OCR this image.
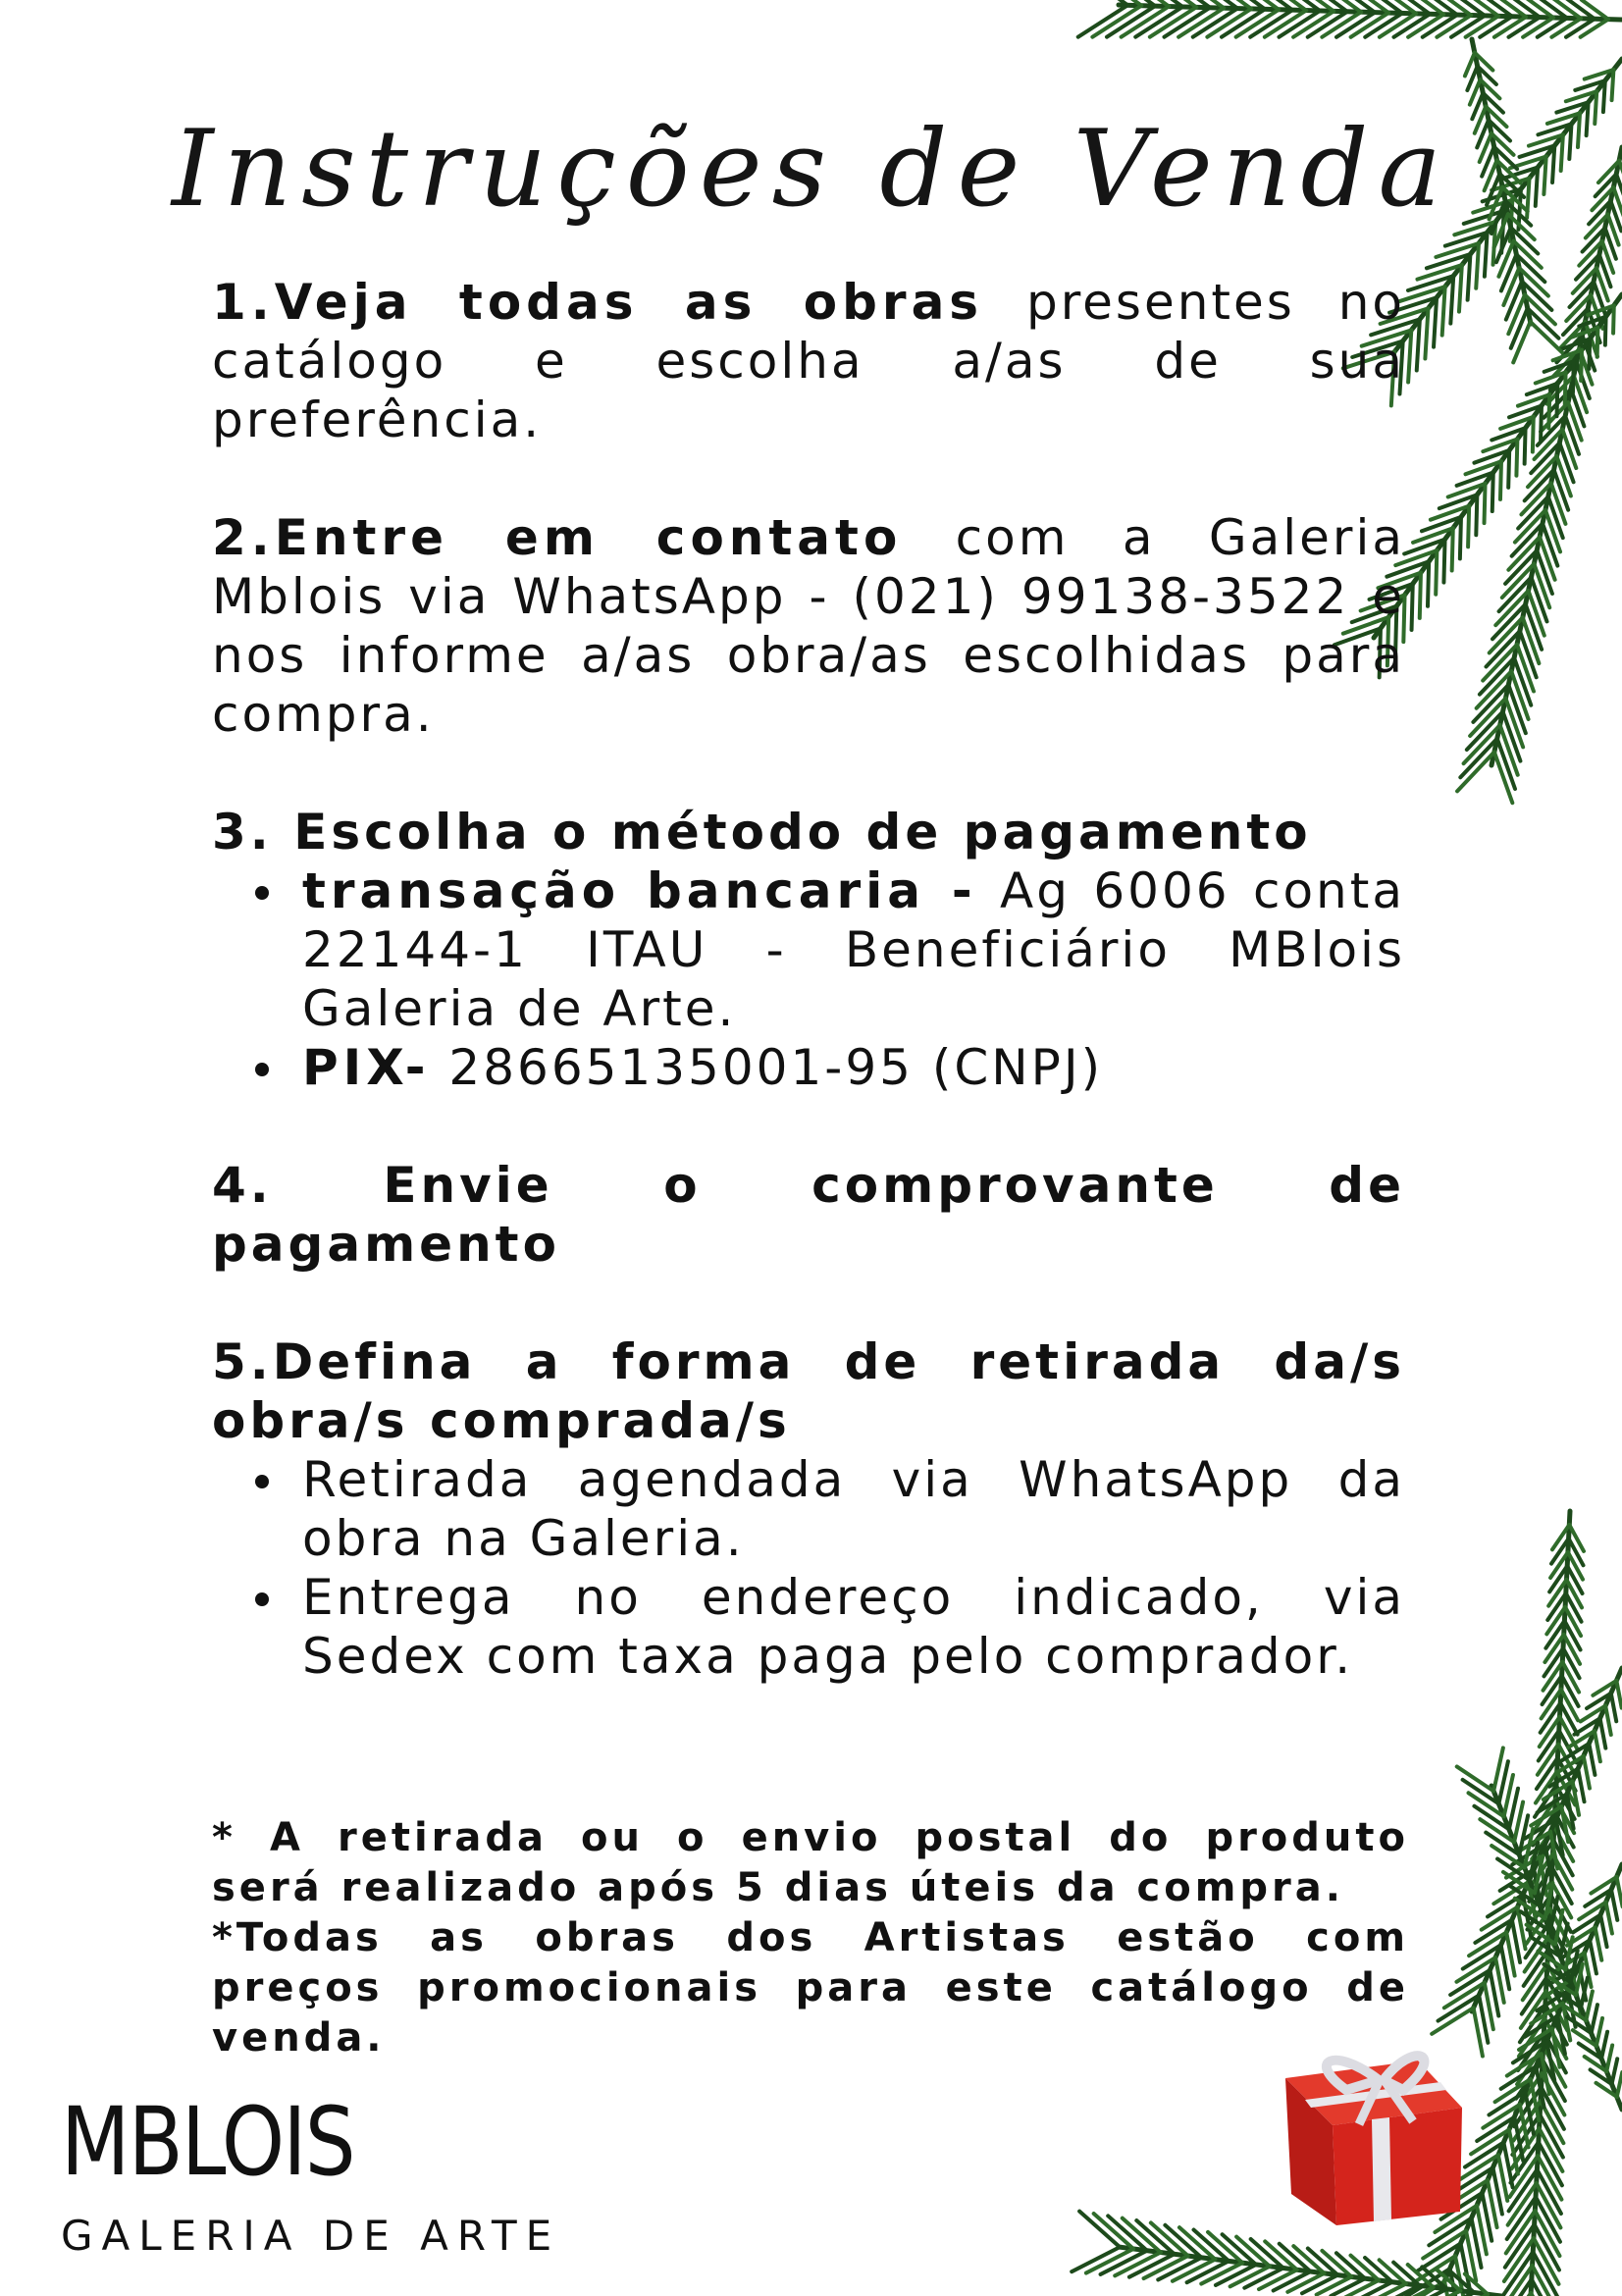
Instruções de Venda

1.Veja todas as obras presentes no catálogo e escolha a/as de sua preferência.

2.Entre em contato com a Galeria Mblois via WhatsApp - (021) 99138-3522 e nos informe a/as obra/as escolhidas para compra.

3. Escolha o método de pagamento

transação bancaria - Ag 6006 conta 22144-1 ITAU - Beneficiário MBlois Galeria de Arte.
PIX- 28665135001-95 (CNPJ)

4. Envie o comprovante de pagamento

5.Defina a forma de retirada da/s obra/s comprada/s

Retirada agendada via WhatsApp da obra na Galeria.
Entrega no endereço indicado, via Sedex com taxa paga pelo comprador.

* A retirada ou o envio postal do produto será realizado após 5 dias úteis da compra.

*Todas as obras dos Artistas estão com preços promocionais para este catálogo de venda.

MBLOIS
GALERIA DE ARTE
